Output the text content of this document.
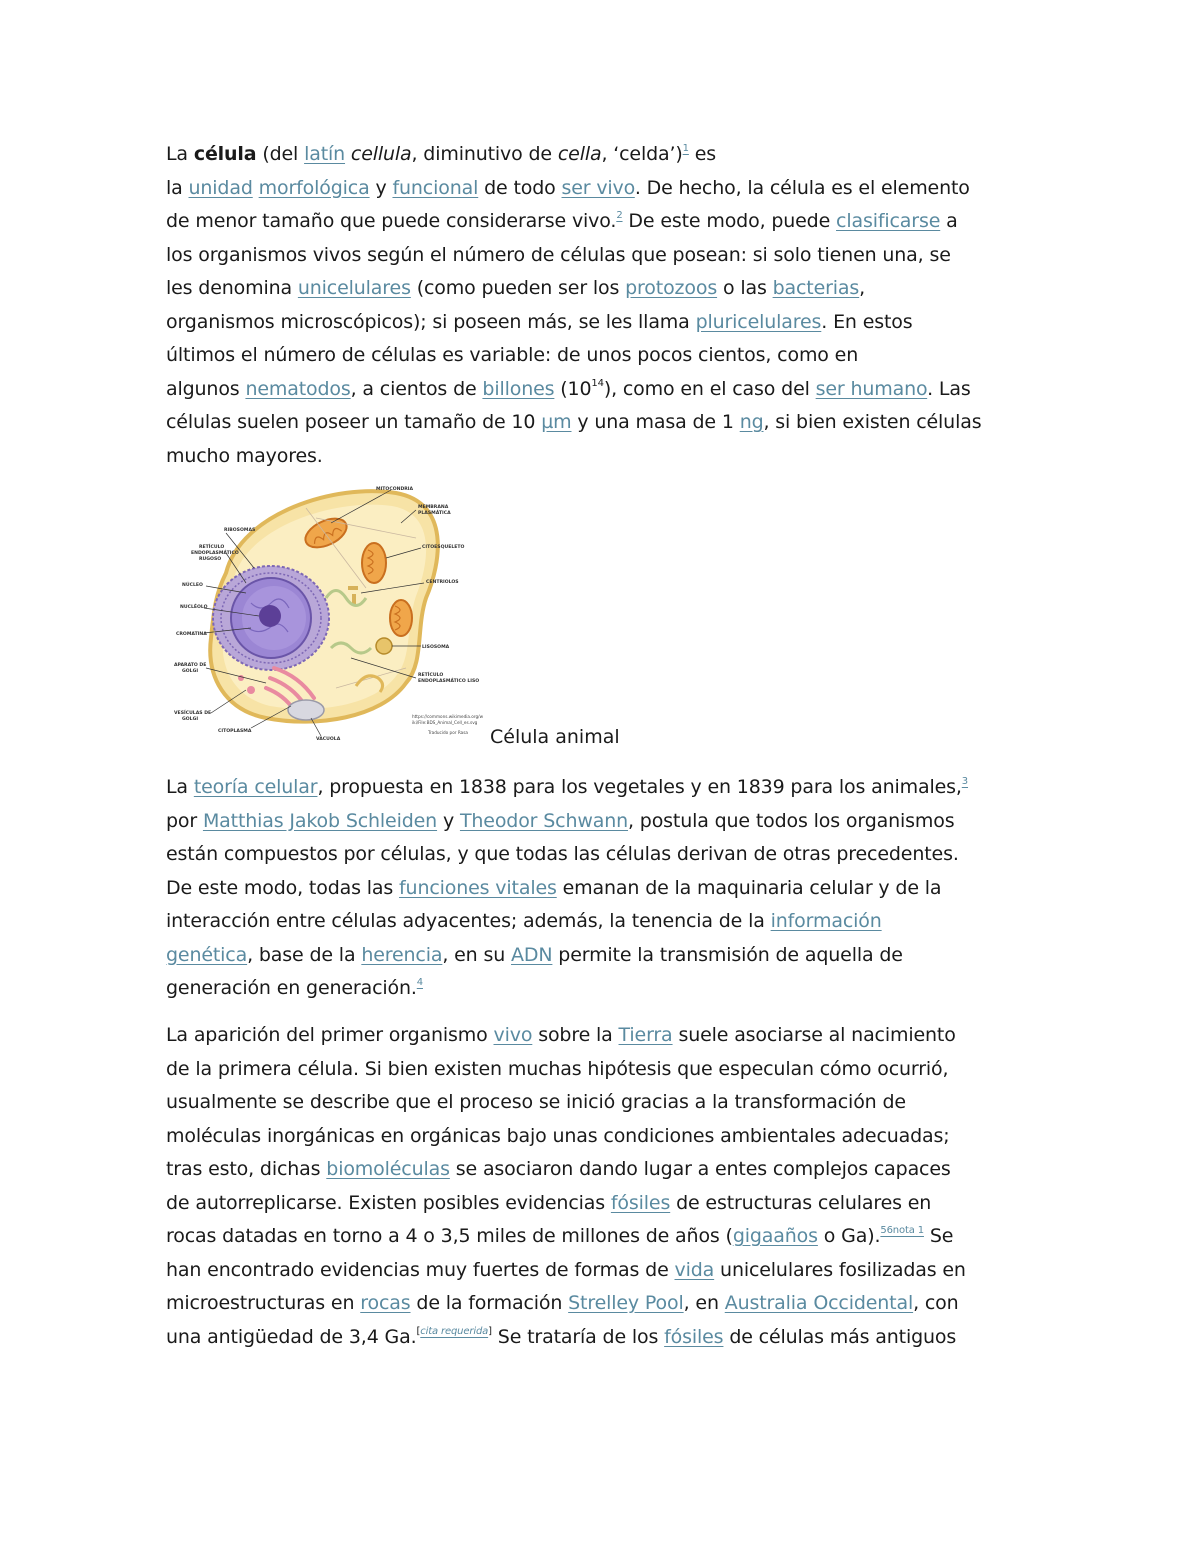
La célula (del latín cellula, diminutivo de cella, ‘celda’)$^1$ es
la unidad morfológica y funcional de todo ser vivo. De hecho, la célula es el elemento
de menor tamaño que puede considerarse vivo.$^2$ De este modo, puede clasificarse a
los organismos vivos según el número de células que posean: si solo tienen una, se
les denomina unicelulares (como pueden ser los protozoos o las bacterias,
organismos microscópicos); si poseen más, se les llama pluricelulares. En estos
últimos el número de células es variable: de unos pocos cientos, como en
algunos nematodos, a cientos de billones $(10^{14})$, como en el caso del ser humano. Las
células suelen poseer un tamaño de 10 µm y una masa de 1 ng, si bien existen células
mucho mayores.

MITOCONDRIA
MEMBRANA
PLASMÁTICA
RIBOSOMAS
RETÍCULO
ENDOPLASMÁTICO
RUGOSO
CITOESQUELETO
CENTRIOLOS
NÚCLEO
NUCLÉOLO
CROMATINA
LISOSOMA
APARATO DE
GOLGI
RETÍCULO
ENDOPLASMÁTICO LISO
VESÍCULAS DE
GOLGI
CITOPLASMA
VACUOLA
https://commons.wikimedia.org/w
iki/File:BDS_Animal_Cell_es.svg
Traducido por Rasa Célula animal

La teoría celular, propuesta en 1838 para los vegetales y en 1839 para los animales,$^3$
por Matthias Jakob Schleiden y Theodor Schwann, postula que todos los organismos
están compuestos por células, y que todas las células derivan de otras precedentes.
De este modo, todas las funciones vitales emanan de la maquinaria celular y de la
interacción entre células adyacentes; además, la tenencia de la información
genética, base de la herencia, en su ADN permite la transmisión de aquella de
generación en generación.$^4$

La aparición del primer organismo vivo sobre la Tierra suele asociarse al nacimiento
de la primera célula. Si bien existen muchas hipótesis que especulan cómo ocurrió,
usualmente se describe que el proceso se inició gracias a la transformación de
moléculas inorgánicas en orgánicas bajo unas condiciones ambientales adecuadas;
tras esto, dichas biomoléculas se asociaron dando lugar a entes complejos capaces
de autorreplicarse. Existen posibles evidencias fósiles de estructuras celulares en
rocas datadas en torno a 4 o 3,5 miles de millones de años (gigaaños o Ga).$^{56nota 1}$ Se
han encontrado evidencias muy fuertes de formas de vida unicelulares fosilizadas en
microestructuras en rocas de la formación Strelley Pool, en Australia Occidental, con
una antigüedad de 3,4 Ga.[cita requerida] Se trataría de los fósiles de células más antiguos
